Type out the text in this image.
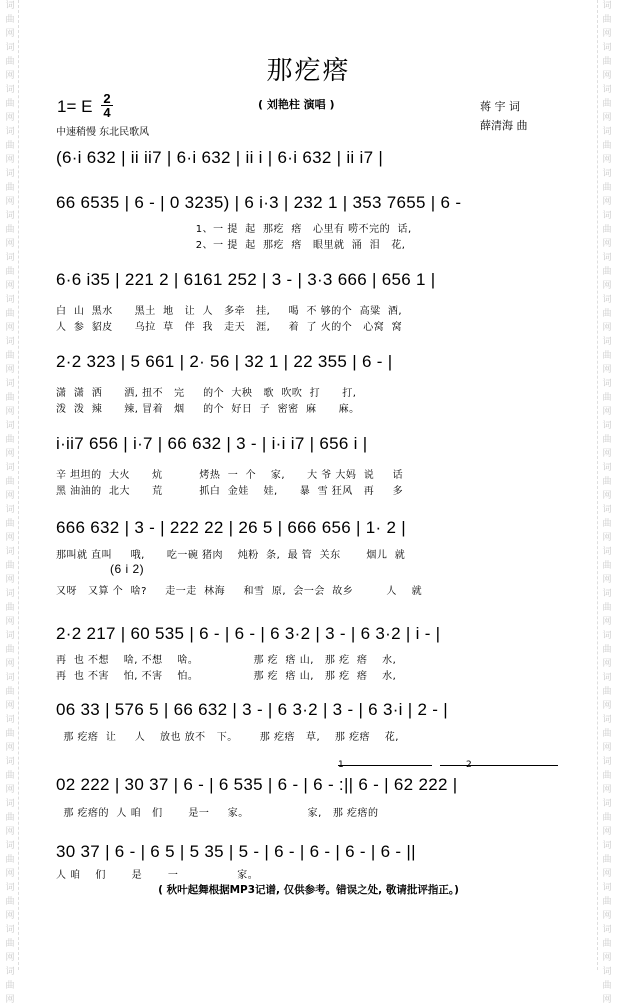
词
曲
网
词
曲
网
词
曲
网
词
曲
网
词
曲
网
词
曲
网
词
曲
网
词
曲
网
词
曲
网
词
曲
网
词
曲
网
词
曲
网
词
曲
网
词
曲
网
词
曲
网
词
曲
网
词
曲
网
词
曲
网
词
曲
网
词
曲
网
词
曲
网
词
曲
网
词
曲
网
词
曲
网
词
曲
网
词
曲
网
词
曲
网
词
曲
网
词
曲
网
词
曲
网
词
曲
网
词
曲
网
词
曲
网
词
曲
网
词
曲
网
词
曲
网
词
曲
网
词
曲
网
词
曲
网
词
曲
网
词
曲
网
词
曲
网
词
曲
网
词
曲
网
词
曲
网
词
曲
网
词
曲
网
词
曲
网
那疙瘩
( 刘艳柱 演唱 )
1= E 2
4
中速稍慢 东北民歌风
蒋 宇 词
薛清海 曲
(6·i 632 | ii ii7 | 6·i 632 | ii i | 6·i 632 | ii i7 |
66 6535 | 6 - | 0 3235) | 6 i·3 | 232 1 | 353 7655 | 6 -
1、一 提  起  那疙  瘩   心里有 唠不完的  话,
2、一 提  起  那疙  瘩   眼里就  涌  泪   花,
6·6 i35 | 221 2 | 6161 252 | 3 - | 3·3 666 | 656 1 |
白  山  黑水      黑土  地   让  人   多牵   挂,     喝  不 够的个  高粱  酒,
人  参  貂皮      乌拉  草   伴  我   走天   涯,     着  了 火的个   心窝  窝
2·2 323 | 5 661 | 2· 56 | 32 1 | 22 355 | 6 - |
潇  潇  洒      洒, 扭不   完     的个  大秧   歌  吹吹  打      打,
泼  泼  辣      辣, 冒着   烟     的个  好日  子  密密  麻      麻。
i·ii7 656 | i·7 | 66 632 | 3 - | i·i i7 | 656 i |
辛 坦坦的  大火      炕          烤热  一  个    家,      大 爷 大妈  说     话
黑 油油的  北大      荒          抓白  金娃    娃,      暴  雪 狂风   再     多
666 632 | 3 - | 222 22 | 26 5 | 666 656 | 1· 2 |
那叫就 直叫     哦,      吃一碗 猪肉    炖粉  条,  最 管  关东       烟儿  就
(6 i 2)
又呀   又算 个  啥?     走一走  林海     和雪  原,  会一会  故乡         人    就
2·2 217 | 60 535 | 6 - | 6 - | 6 3·2 | 3 - | 6 3·2 | i - |
再  也 不想    啥, 不想    啥。               那 疙  瘩 山,   那 疙  瘩    水,
再  也 不害    怕, 不害    怕。               那 疙  瘩 山,   那 疙  瘩    水,
06 33 | 576 5 | 66 632 | 3 - | 6 3·2 | 3 - | 6 3·i | 2 - |
那 疙瘩  让     人    放也 放不   下。      那 疙瘩   草,    那 疙瘩    花,
1	2
02 222 | 30 37 | 6 - | 6 535 | 6 - | 6 - :|| 6 - | 62 222 |
那 疙瘩的  人 咱   们       是一     家。                家,   那 疙瘩的
30 37 | 6 - | 6 5 | 5 35 | 5 - | 6 - | 6 - | 6 - | 6 - ||
人 咱    们       是       一                家。
( 秋叶起舞根据MP3记谱, 仅供参考。错误之处, 敬请批评指正。)
